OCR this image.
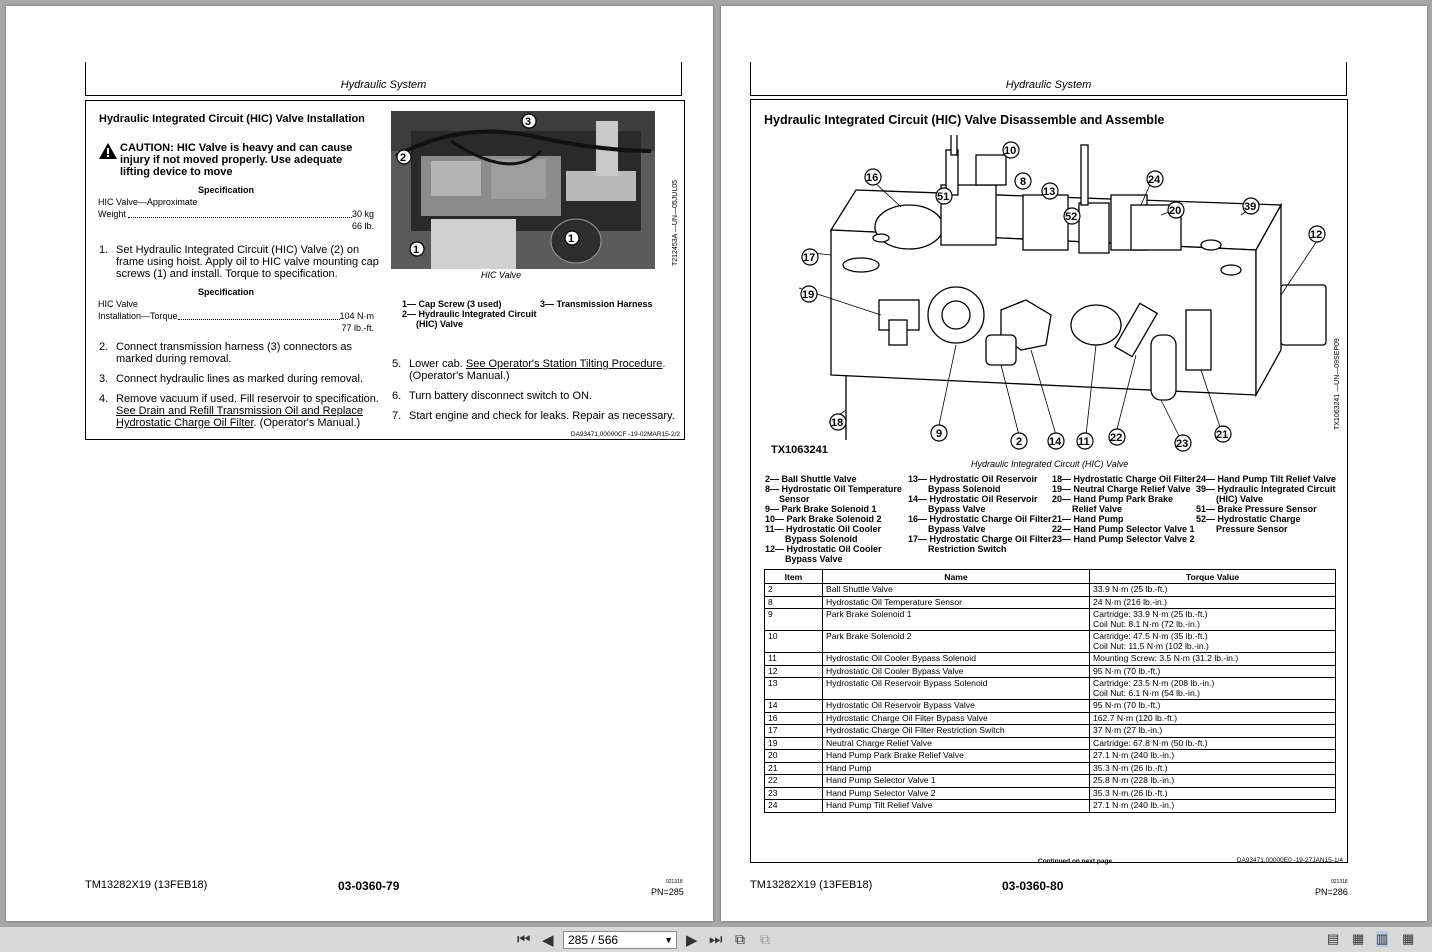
Hydraulic System
Hydraulic Integrated Circuit (HIC) Valve Installation
CAUTION: HIC Valve is heavy and can cause
injury if not moved properly. Use adequate
lifting device to move
Specification
HIC Valve—Approximate
Weight	30 kg
66 lb.
1. Set Hydraulic Integrated Circuit (HIC) Valve (2) on
frame using hoist. Apply oil to HIC valve mounting cap
screws (1) and install. Torque to specification.
Specification
HIC Valve
Installation—Torque	104 N·m
77 lb.-ft.
2. Connect transmission harness (3) connectors as
marked during removal.
3. Connect hydraulic lines as marked during removal.
4. Remove vacuum if used. Fill reservoir to specification.
See Drain and Refill Transmission Oil and Replace
Hydrostatic Charge Oil Filter. (Operator's Manual.)
3
2
1
1
HIC Valve
T212453A —UN—05JUL05
1— Cap Screw (3 used)
2— Hydraulic Integrated Circuit
(HIC) Valve
3— Transmission Harness
5. Lower cab. See Operator's Station Tilting Procedure.
(Operator's Manual.)
6. Turn battery disconnect switch to ON.
7. Start engine and check for leaks. Repair as necessary.
DA93471,00000CF -19-02MAR15-2/2
TM13282X19 (13FEB18)	03-0360-79	021318
PN=285
Hydraulic System
Hydraulic Integrated Circuit (HIC) Valve Disassemble and Assemble
16
51
10
8
13
52
24
20	39
12
17
19
18
9
2 14 11 22	23
21
TX1063241
Hydraulic Integrated Circuit (HIC) Valve
TX1063241 —UN—09SEP09
2— Ball Shuttle Valve
8— Hydrostatic Oil Temperature
Sensor
9— Park Brake Solenoid 1
10— Park Brake Solenoid 2
11— Hydrostatic Oil Cooler
Bypass Solenoid
12— Hydrostatic Oil Cooler
Bypass Valve
13— Hydrostatic Oil Reservoir
Bypass Solenoid
14— Hydrostatic Oil Reservoir
Bypass Valve
16— Hydrostatic Charge Oil Filter
Bypass Valve
17— Hydrostatic Charge Oil Filter
Restriction Switch
18— Hydrostatic Charge Oil Filter
19— Neutral Charge Relief Valve
20— Hand Pump Park Brake
Relief Valve
21— Hand Pump
22— Hand Pump Selector Valve 1
23— Hand Pump Selector Valve 2
24— Hand Pump Tilt Relief Valve
39— Hydraulic Integrated Circuit
(HIC) Valve
51— Brake Pressure Sensor
52— Hydrostatic Charge
Pressure Sensor
Item	Name	Torque Value
2	Ball Shuttle Valve	33.9 N·m (25 lb.-ft.)

8	Hydrostatic Oil Temperature Sensor	24 N·m (216 lb.-in.)

9	Park Brake Solenoid 1	Cartridge: 33.9 N·m (25 lb.-ft.)
Coil Nut: 8.1 N·m (72 lb.-in.)

10	Park Brake Solenoid 2	Cartridge: 47.5 N·m (35 lb.-ft.)
Coil Nut: 11.5 N·m (102 lb.-in.)

11	Hydrostatic Oil Cooler Bypass Solenoid	Mounting Screw: 3.5 N·m (31.2 lb.-in.)

12	Hydrostatic Oil Cooler Bypass Valve	95 N·m (70 lb.-ft.)

13	Hydrostatic Oil Reservoir Bypass Solenoid	Cartridge: 23.5 N·m (208 lb.-in.)
Coil Nut: 6.1 N·m (54 lb.-in.)

14	Hydrostatic Oil Reservoir Bypass Valve	95 N·m (70 lb.-ft.)

16	Hydrostatic Charge Oil Filter Bypass Valve	162.7 N·m (120 lb.-ft.)

17	Hydrostatic Charge Oil Filter Restriction Switch	37 N·m (27 lb.-in.)

19	Neutral Charge Relief Valve	Cartridge: 67.8 N·m (50 lb.-ft.)

20	Hand Pump Park Brake Relief Valve	27.1 N·m (240 lb.-in.)

21	Hand Pump	35.3 N·m (26 lb.-ft.)

22	Hand Pump Selector Valve 1	25.8 N·m (228 lb.-in.)

23	Hand Pump Selector Valve 2	35.3 N·m (26 lb.-ft.)

24	Hand Pump Tilt Relief Valve	27.1 N·m (240 lb.-in.)
Continued on next page	DA93471,00000E0 -19-27JAN15-1/4
TM13282X19 (13FEB18)	03-0360-80	021318
PN=286
⏮ ◀	▶ ⏭ ⧉ ⧉	▤ ▦ ▥ ▦
285 / 566	▼
